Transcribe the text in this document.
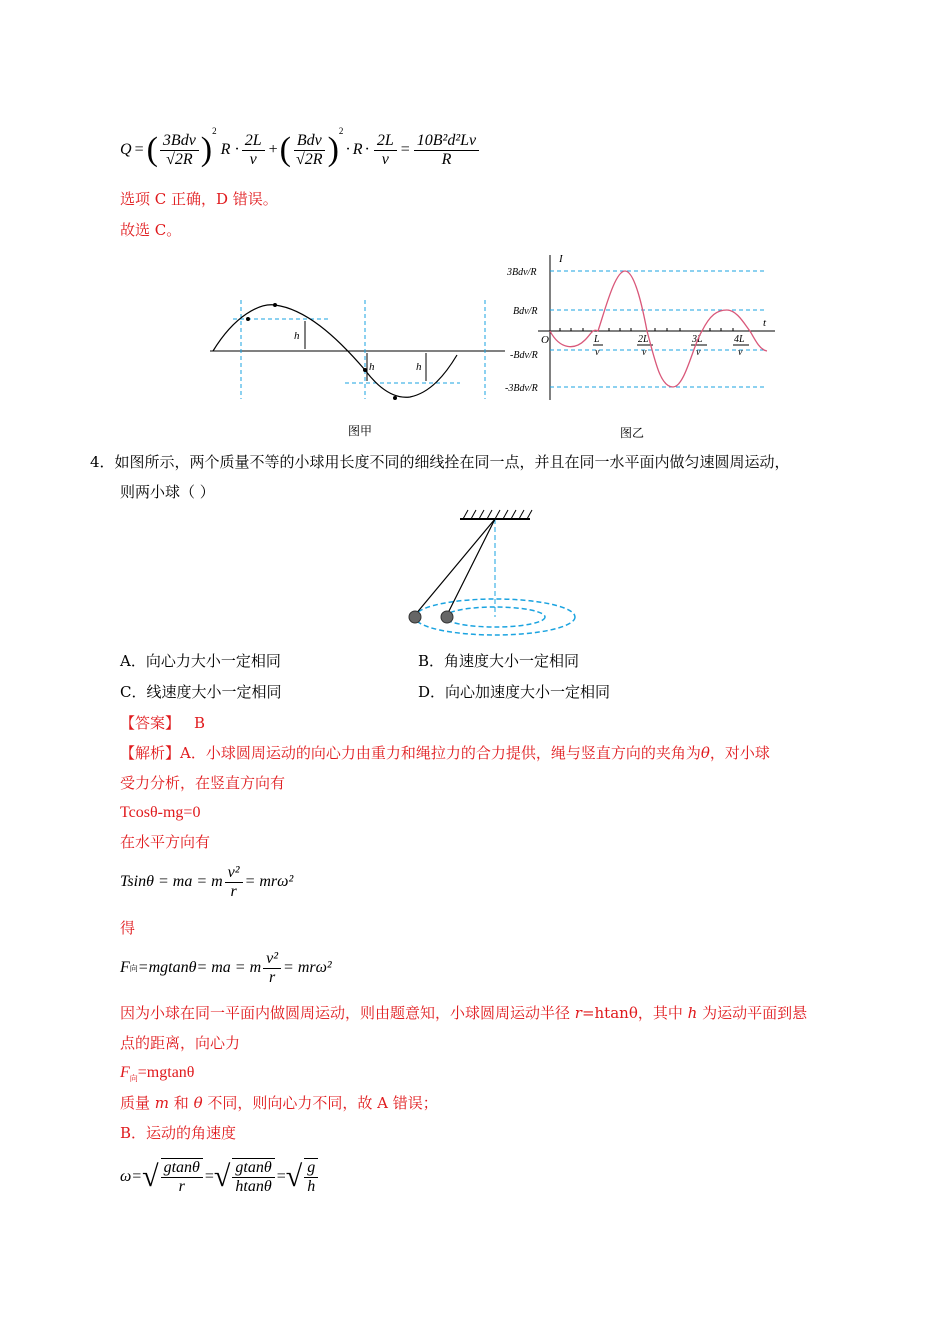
Q = ( $\frac{\text{3Bdv}}{√2R}$ ) 2
$R \cdot \frac{2L}{v}$ + ( $\frac{\text{Bdv}}{√2R}$ ) 2
· $R \cdot \frac{2L}{v} = \frac{\text{10B²d²Lv}}{R}$
选项 C 正确，D 错误。
故选 C。
h
h	h
图甲
I
t
O
3Bdv/R
Bdv/R
-Bdv/R
-3Bdv/R
L
v
2L
v
3L
v
4L
v
图乙
4．如图所示，两个质量不等的小球用长度不同的细线拴在同一点，并且在同一水平面内做匀速圆周运动，
则两小球（ ）
A．向心力大小一定相同	B．角速度大小一定相同
C．线速度大小一定相同	D．向心加速度大小一定相同
【答案】 B
【解析】A．小球圆周运动的向心力由重力和绳拉力的合力提供，绳与竖直方向的夹角为θ，对小球
受力分析，在竖直方向有
Tcosθ-mg=0
在水平方向有
Tsinθ = ma = m $\frac{\text{v²}}{r} = mr\omega^2$
得
F 向 =mgtanθ= ma = m $\frac{\text{v²}}{r} = mr\omega^2$
因为小球在同一平面内做圆周运动，则由题意知，小球圆周运动半径 r=htanθ，其中 h 为运动平面到悬
点的距离，向心力
$F_向=mgtan\theta$
质量 m 和 θ 不同，则向心力不同，故 A 错误；
B．运动的角速度
ω= √ $\frac{gtan\theta}{r}$ = √ $\frac{gtan\theta}{htan\theta}$ = √ $\frac{g}{h}$
